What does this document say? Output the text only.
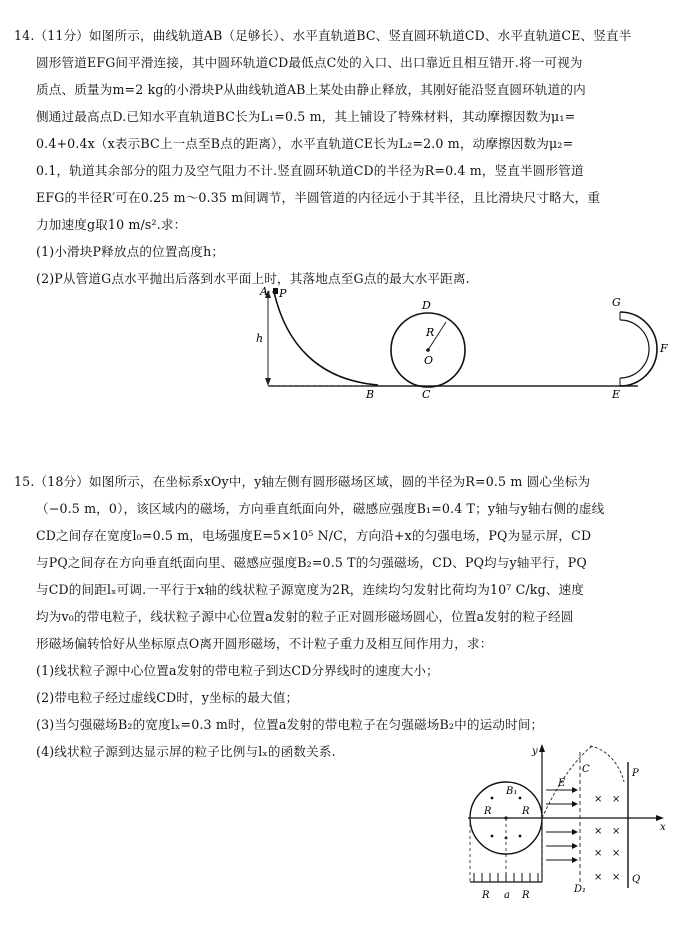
14.（11分）如图所示，曲线轨道AB（足够长）、水平直轨道BC、竖直圆环轨道CD、水平直轨道CE、竖直半
圆形管道EFG间平滑连接，其中圆环轨道CD最低点C处的入口、出口靠近且相互错开.将一可视为
质点、质量为m=2 kg的小滑块P从曲线轨道AB上某处由静止释放，其刚好能沿竖直圆环轨道的内
侧通过最高点D.已知水平直轨道BC长为L₁=0.5 m，其上铺设了特殊材料，其动摩擦因数为μ₁=
0.4+0.4x（x表示BC上一点至B点的距离），水平直轨道CE长为L₂=2.0 m，动摩擦因数为μ₂=
0.1，轨道其余部分的阻力及空气阻力不计.竖直圆环轨道CD的半径为R=0.4 m，竖直半圆形管道
EFG的半径R′可在0.25 m～0.35 m间调节，半圆管道的内径远小于其半径，且比滑块尺寸略大，重
力加速度g取10 m/s².求：
(1)小滑块P释放点的位置高度h；
(2)P从管道G点水平抛出后落到水平面上时，其落地点至G点的最大水平距离.
A P
h
B	C
D
R
O
E
F
G
15.（18分）如图所示，在坐标系xOy中，y轴左侧有圆形磁场区域，圆的半径为R=0.5 m 圆心坐标为
（−0.5 m，0），该区域内的磁场，方向垂直纸面向外，磁感应强度B₁=0.4 T；y轴与y轴右侧的虚线
CD之间存在宽度l₀=0.5 m，电场强度E=5×10⁵ N/C，方向沿+x的匀强电场，PQ为显示屏，CD
与PQ之间存在方向垂直纸面向里、磁感应强度B₂=0.5 T的匀强磁场，CD、PQ均与y轴平行，PQ
与CD的间距lₓ可调.一平行于x轴的线状粒子源宽度为2R，连续均匀发射比荷均为10⁷ C/kg、速度
均为v₀的带电粒子，线状粒子源中心位置a发射的粒子正对圆形磁场圆心，位置a发射的粒子经圆
形磁场偏转恰好从坐标原点O离开圆形磁场，不计粒子重力及相互间作用力，求：
(1)线状粒子源中心位置a发射的带电粒子到达CD分界线时的速度大小；
(2)带电粒子经过虚线CD时，y坐标的最大值；
(3)当匀强磁场B₂的宽度lₓ=0.3 m时，位置a发射的带电粒子在匀强磁场B₂中的运动时间；
(4)线状粒子源到达显示屏的粒子比例与lₓ的函数关系.
× ×
× ×
× ×
× ×
y
x
C
E
P
Q
B₁
R	R
R a R
D₁
